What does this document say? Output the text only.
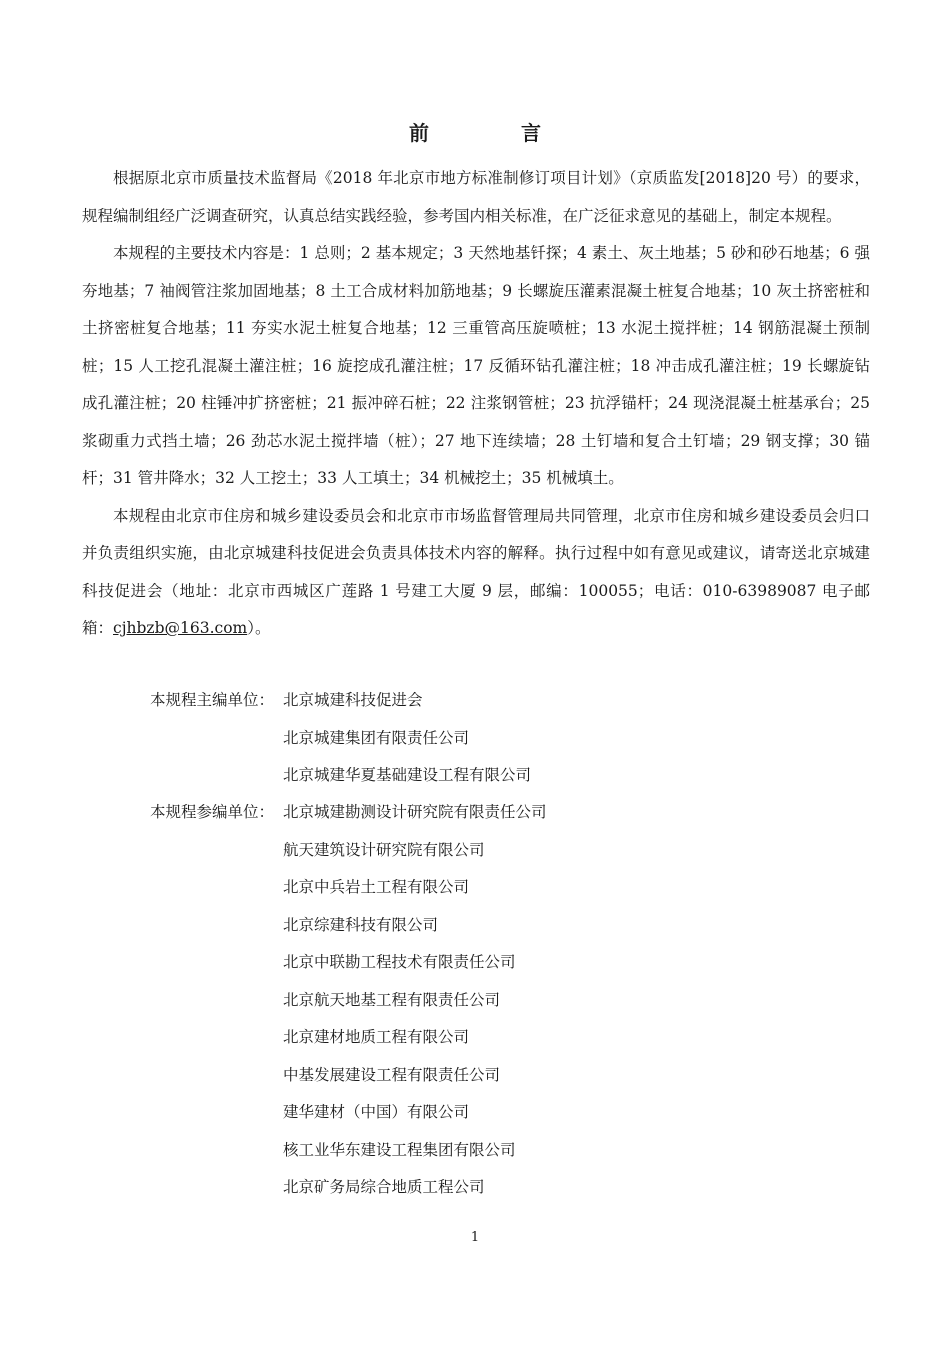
前　言

根据原北京市质量技术监督局《2018 年北京市地方标准制修订项目计划》（京质监发[2018]20 号）的要求，规程编制组经广泛调查研究，认真总结实践经验，参考国内相关标准，在广泛征求意见的基础上，制定本规程。

本规程的主要技术内容是：1 总则；2 基本规定；3 天然地基钎探；4 素土、灰土地基；5 砂和砂石地基；6 强夯地基；7 袖阀管注浆加固地基；8 土工合成材料加筋地基；9 长螺旋压灌素混凝土桩复合地基；10 灰土挤密桩和土挤密桩复合地基；11 夯实水泥土桩复合地基；12 三重管高压旋喷桩；13 水泥土搅拌桩；14 钢筋混凝土预制桩；15 人工挖孔混凝土灌注桩；16 旋挖成孔灌注桩；17 反循环钻孔灌注桩；18 冲击成孔灌注桩；19 长螺旋钻成孔灌注桩；20 柱锤冲扩挤密桩；21 振冲碎石桩；22 注浆钢管桩；23 抗浮锚杆；24 现浇混凝土桩基承台；25 浆砌重力式挡土墙；26 劲芯水泥土搅拌墙（桩）；27 地下连续墙；28 土钉墙和复合土钉墙；29 钢支撑；30 锚杆；31 管井降水；32 人工挖土；33 人工填土；34 机械挖土；35 机械填土。

本规程由北京市住房和城乡建设委员会和北京市市场监督管理局共同管理，北京市住房和城乡建设委员会归口并负责组织实施，由北京城建科技促进会负责具体技术内容的解释。执行过程中如有意见或建议，请寄送北京城建科技促进会（地址：北京市西城区广莲路 1 号建工大厦 9 层，邮编：100055；电话：010-63989087 电子邮箱：cjhbzb@163.com）。

本规程主编单位： 北京城建科技促进会
北京城建集团有限责任公司
北京城建华夏基础建设工程有限公司
本规程参编单位： 北京城建勘测设计研究院有限责任公司
航天建筑设计研究院有限公司
北京中兵岩土工程有限公司
北京综建科技有限公司
北京中联勘工程技术有限责任公司
北京航天地基工程有限责任公司
北京建材地质工程有限公司
中基发展建设工程有限责任公司
建华建材（中国）有限公司
核工业华东建设工程集团有限公司
北京矿务局综合地质工程公司
1
